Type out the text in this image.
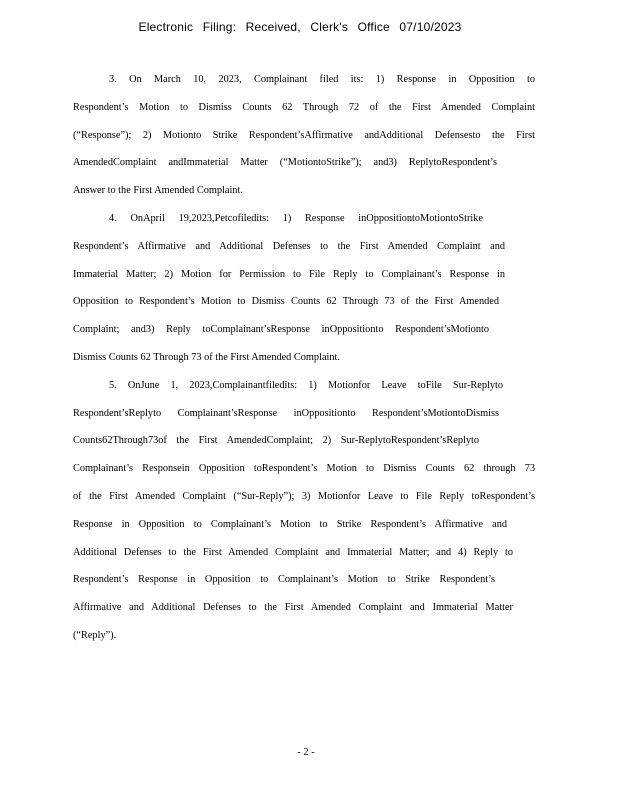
Electronic Filing: Received, Clerk's Office 07/10/2023
3. On March 10, 2023, Complainant filed its: 1) Response in Opposition to
Respondent’s Motion to Dismiss Counts 62 Through 72 of the First Amended Complaint
(“Response”); 2) Motionto Strike Respondent’sAffirmative andAdditional Defensesto the First
AmendedComplaint andImmaterial Matter (“MotiontoStrike”); and3) ReplytoRespondent’s
Answer to the First Amended Complaint.
4. OnApril 19,2023,Petcofiledits: 1) Response inOppositiontoMotiontoStrike
Respondent’s Affirmative and Additional Defenses to the First Amended Complaint and
Immaterial Matter; 2) Motion for Permission to File Reply to Complainant’s Response in
Opposition to Respondent’s Motion to Dismiss Counts 62 Through 73 of the First Amended
Complaint; and3) Reply toComplainant’sResponse inOppositionto Respondent’sMotionto
Dismiss Counts 62 Through 73 of the First Amended Complaint.
5. OnJune 1, 2023,Complainantfiledits: 1) Motionfor Leave toFile Sur-Replyto
Respondent’sReplyto Complainant’sResponse inOppositionto Respondent’sMotiontoDismiss
Counts62Through73of the First AmendedComplaint; 2) Sur-ReplytoRespondent’sReplyto
Complainant’s Responsein Opposition toRespondent’s Motion to Dismiss Counts 62 through 73
of the First Amended Complaint (“Sur-Reply”); 3) Motionfor Leave to File Reply toRespondent’s
Response in Opposition to Complainant’s Motion to Strike Respondent’s Affirmative and
Additional Defenses to the First Amended Complaint and Immaterial Matter; and 4) Reply to
Respondent’s Response in Opposition to Complainant’s Motion to Strike Respondent’s
Affirmative and Additional Defenses to the First Amended Complaint and Immaterial Matter
(“Reply”).
- 2 -
